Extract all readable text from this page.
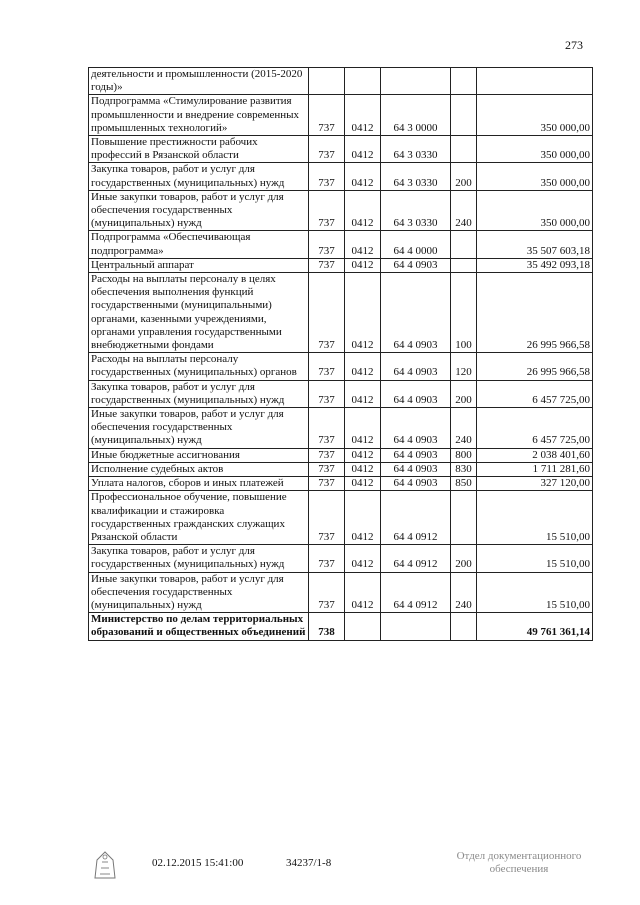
273
деятельности и промышленности (2015-2020 годы)»					
Подпрограмма «Стимулирование развития промышленности и внедрение современных промышленных технологий»	737	0412	64 3 0000		350 000,00
Повышение престижности рабочих профессий в Рязанской области	737	0412	64 3 0330		350 000,00
Закупка товаров, работ и услуг для государственных (муниципальных) нужд	737	0412	64 3 0330	200	350 000,00
Иные закупки товаров, работ и услуг для обеспечения государственных (муниципальных) нужд	737	0412	64 3 0330	240	350 000,00
Подпрограмма «Обеспечивающая подпрограмма»	737	0412	64 4 0000		35 507 603,18
Центральный аппарат	737	0412	64 4 0903		35 492 093,18
Расходы на выплаты персоналу в целях обеспечения выполнения функций государственными (муниципальными) органами, казенными учреждениями, органами управления государственными внебюджетными фондами	737	0412	64 4 0903	100	26 995 966,58
Расходы на выплаты персоналу государственных (муниципальных) органов	737	0412	64 4 0903	120	26 995 966,58
Закупка товаров, работ и услуг для государственных (муниципальных) нужд	737	0412	64 4 0903	200	6 457 725,00
Иные закупки товаров, работ и услуг для обеспечения государственных (муниципальных) нужд	737	0412	64 4 0903	240	6 457 725,00
Иные бюджетные ассигнования	737	0412	64 4 0903	800	2 038 401,60
Исполнение судебных актов	737	0412	64 4 0903	830	1 711 281,60
Уплата налогов, сборов и иных платежей	737	0412	64 4 0903	850	327 120,00
Профессиональное обучение, повышение квалификации и стажировка государственных гражданских служащих Рязанской области	737	0412	64 4 0912		15 510,00
Закупка товаров, работ и услуг для государственных (муниципальных) нужд	737	0412	64 4 0912	200	15 510,00
Иные закупки товаров, работ и услуг для обеспечения государственных (муниципальных) нужд	737	0412	64 4 0912	240	15 510,00
Министерство по делам территориальных образований и общественных объединений	738				49 761 361,14
02.12.2015 15:41:00	34237/1-8
Отдел документационного
обеспечения
